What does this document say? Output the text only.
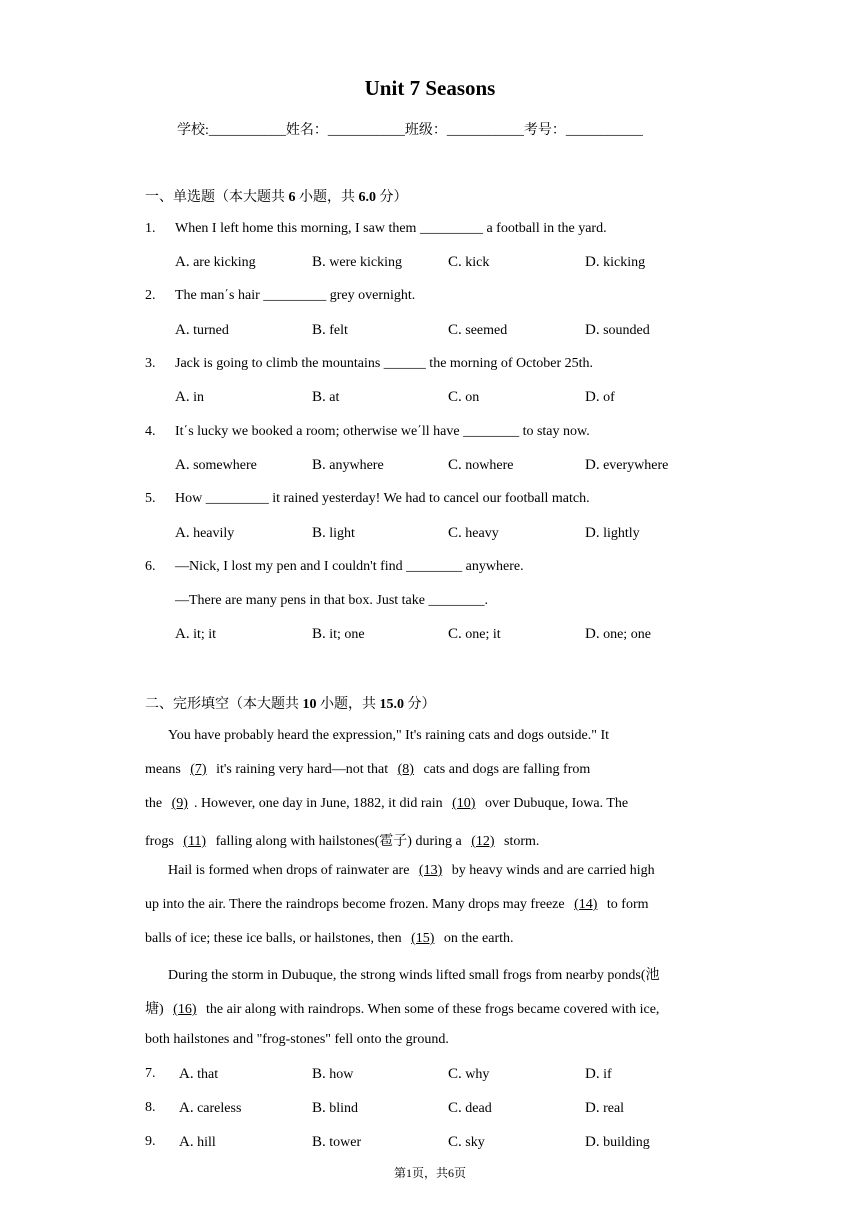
Unit 7 Seasons
学校:___________姓名：___________班级：___________考号：___________
一、单选题（本大题共 6 小题，共 6.0 分）
1. When I left home this morning, I saw them _________ a football in the yard.
A. are kicking	B. were kicking	C. kick	D. kicking
2. The man΄s hair _________ grey overnight.
A. turned	B. felt	C. seemed	D. sounded
3. Jack is going to climb the mountains ______ the morning of October 25th.
A. in	B. at	C. on	D. of
4. It΄s lucky we booked a room; otherwise we΄ll have ________ to stay now.
A. somewhere	B. anywhere	C. nowhere	D. everywhere
5. How _________ it rained yesterday! We had to cancel our football match.
A. heavily	B. light	C. heavy	D. lightly
6. —Nick, I lost my pen and I couldn't find ________ anywhere.
—There are many pens in that box. Just take ________.
A. it; it	B. it; one	C. one; it	D. one; one
二、完形填空（本大题共 10 小题，共 15.0 分）
You have probably heard the expression," It's raining cats and dogs outside." It
means (7) it's raining very hard—not that (8) cats and dogs are falling from
the (9) . However, one day in June, 1882, it did rain (10) over Dubuque, Iowa. The
frogs (11) falling along with hailstones(雹子) during a (12) storm.
Hail is formed when drops of rainwater are (13) by heavy winds and are carried high
up into the air. There the raindrops become frozen. Many drops may freeze (14) to form
balls of ice; these ice balls, or hailstones, then (15) on the earth.
During the storm in Dubuque, the strong winds lifted small frogs from nearby ponds(池
塘) (16) the air along with raindrops. When some of these frogs became covered with ice,
both hailstones and "frog-stones" fell onto the ground.
7.	A. that	B. how	C. why	D. if
8.	A. careless	B. blind	C. dead	D. real
9.	A. hill	B. tower	C. sky	D. building
第1页，共6页
